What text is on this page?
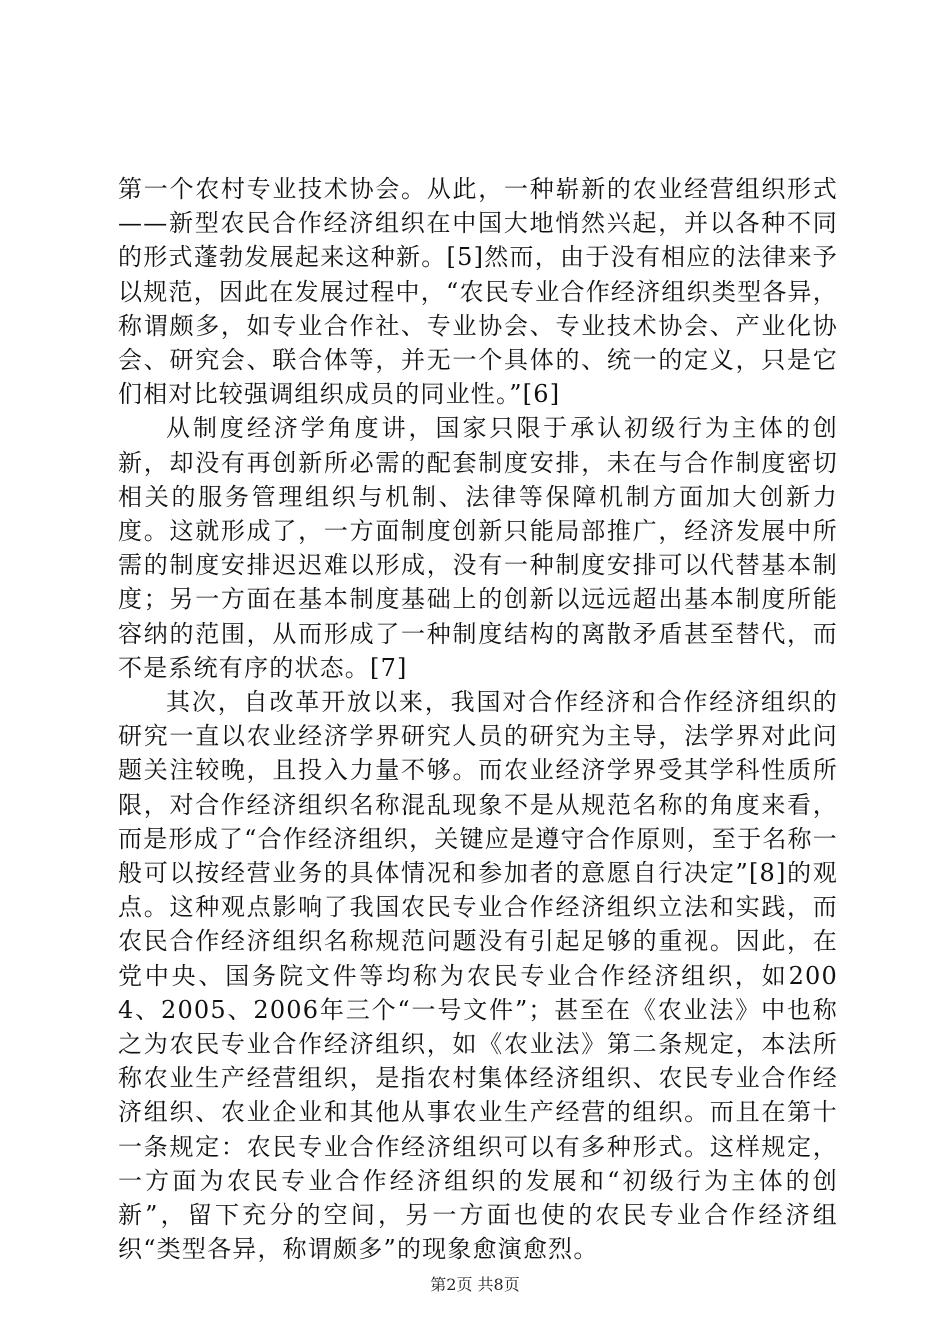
第一个农村专业技术协会。从此，一种崭新的农业经营组织形式——新型农民合作经济组织在中国大地悄然兴起，并以各种不同的形式蓬勃发展起来这种新。[5]然而，由于没有相应的法律来予以规范，因此在发展过程中，“农民专业合作经济组织类型各异，称谓颇多，如专业合作社、专业协会、专业技术协会、产业化协会、研究会、联合体等，并无一个具体的、统一的定义，只是它们相对比较强调组织成员的同业性。”[6]

从制度经济学角度讲，国家只限于承认初级行为主体的创新，却没有再创新所必需的配套制度安排，未在与合作制度密切相关的服务管理组织与机制、法律等保障机制方面加大创新力度。这就形成了，一方面制度创新只能局部推广，经济发展中所需的制度安排迟迟难以形成，没有一种制度安排可以代替基本制度；另一方面在基本制度基础上的创新以远远超出基本制度所能容纳的范围，从而形成了一种制度结构的离散矛盾甚至替代，而不是系统有序的状态。[7]

其次，自改革开放以来，我国对合作经济和合作经济组织的研究一直以农业经济学界研究人员的研究为主导，法学界对此问题关注较晚，且投入力量不够。而农业经济学界受其学科性质所限，对合作经济组织名称混乱现象不是从规范名称的角度来看，而是形成了“合作经济组织，关键应是遵守合作原则，至于名称一般可以按经营业务的具体情况和参加者的意愿自行决定”[8]的观点。这种观点影响了我国农民专业合作经济组织立法和实践，而农民合作经济组织名称规范问题没有引起足够的重视。因此，在党中央、国务院文件等均称为农民专业合作经济组织，如2004、2005、2006年三个“一号文件”；甚至在《农业法》中也称之为农民专业合作经济组织，如《农业法》第二条规定，本法所称农业生产经营组织，是指农村集体经济组织、农民专业合作经济组织、农业企业和其他从事农业生产经营的组织。而且在第十一条规定：农民专业合作经济组织可以有多种形式。这样规定，一方面为农民专业合作经济组织的发展和“初级行为主体的创新”，留下充分的空间，另一方面也使的农民专业合作经济组织“类型各异，称谓颇多”的现象愈演愈烈。

第2页 共8页
